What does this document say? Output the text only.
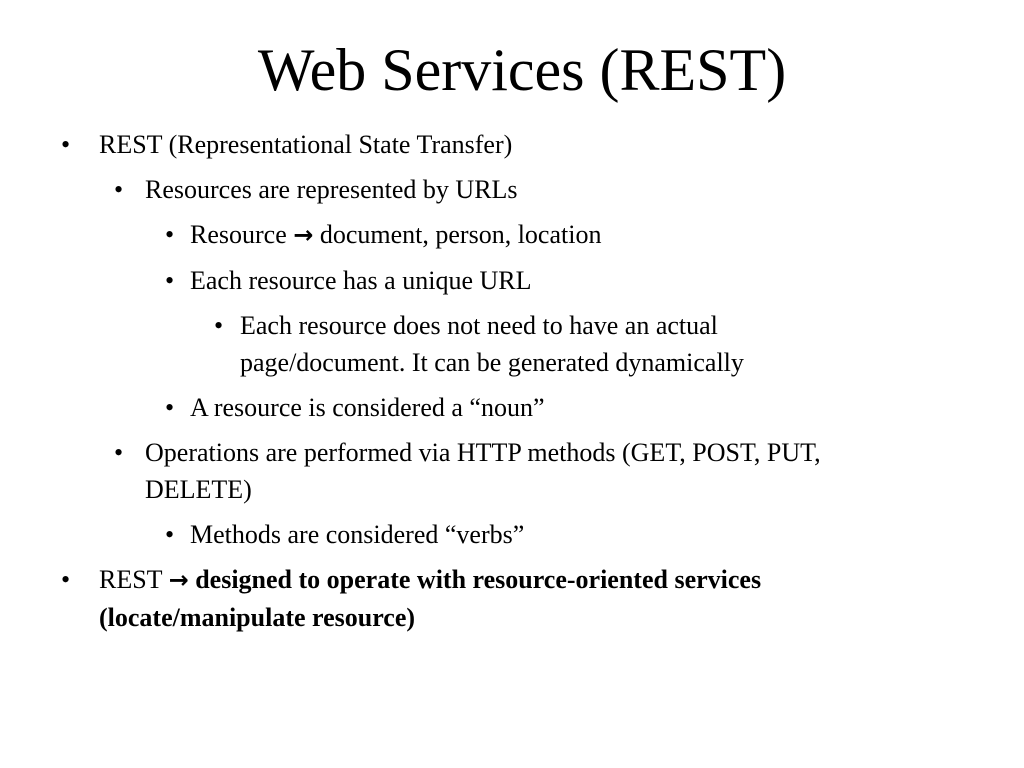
Web Services (REST)
• REST (Representational State Transfer)
• Resources are represented by URLs
• Resource → document, person, location
• Each resource has a unique URL
• Each resource does not need to have an actual
page/document. It can be generated dynamically
• A resource is considered a “noun”
• Operations are performed via HTTP methods (GET, POST, PUT,
DELETE)
• Methods are considered “verbs”
• REST → designed to operate with resource-oriented services
(locate/manipulate resource)
